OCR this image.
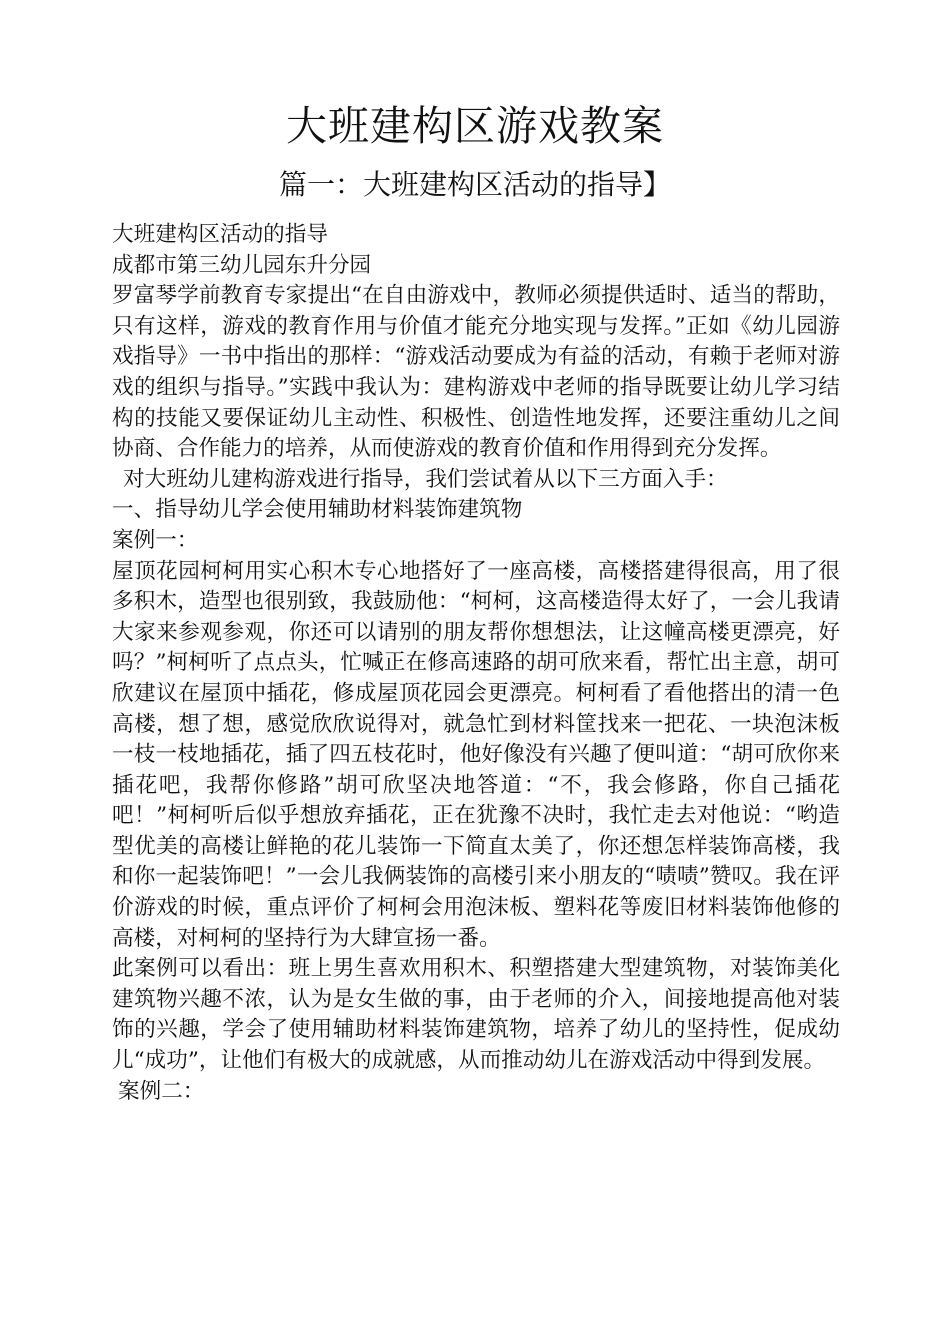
大班建构区游戏教案
篇一：大班建构区活动的指导】

大班建构区活动的指导

成都市第三幼儿园东升分园

罗富琴学前教育专家提出“在自由游戏中，教师必须提供适时、适当的帮助，只有这样，游戏的教育作用与价值才能充分地实现与发挥。”正如《幼儿园游戏指导》一书中指出的那样：“游戏活动要成为有益的活动，有赖于老师对游戏的组织与指导。”实践中我认为：建构游戏中老师的指导既要让幼儿学习结构的技能又要保证幼儿主动性、积极性、创造性地发挥，还要注重幼儿之间协商、合作能力的培养，从而使游戏的教育价值和作用得到充分发挥。

对大班幼儿建构游戏进行指导，我们尝试着从以下三方面入手：

一、指导幼儿学会使用辅助材料装饰建筑物

案例一：

屋顶花园柯柯用实心积木专心地搭好了一座高楼，高楼搭建得很高，用了很多积木，造型也很别致，我鼓励他：“柯柯，这高楼造得太好了，一会儿我请大家来参观参观，你还可以请别的朋友帮你想想法，让这幢高楼更漂亮，好吗？”柯柯听了点点头，忙喊正在修高速路的胡可欣来看，帮忙出主意，胡可欣建议在屋顶中插花，修成屋顶花园会更漂亮。柯柯看了看他搭出的清一色高楼，想了想，感觉欣欣说得对，就急忙到材料筐找来一把花、一块泡沫板一枝一枝地插花，插了四五枝花时，他好像没有兴趣了便叫道：“胡可欣你来插花吧，我帮你修路”胡可欣坚决地答道：“不，我会修路，你自己插花吧！”柯柯听后似乎想放弃插花，正在犹豫不决时，我忙走去对他说：“哟造型优美的高楼让鲜艳的花儿装饰一下简直太美了，你还想怎样装饰高楼，我和你一起装饰吧！”一会儿我俩装饰的高楼引来小朋友的“啧啧”赞叹。我在评价游戏的时候，重点评价了柯柯会用泡沫板、塑料花等废旧材料装饰他修的高楼，对柯柯的坚持行为大肆宣扬一番。

此案例可以看出：班上男生喜欢用积木、积塑搭建大型建筑物，对装饰美化建筑物兴趣不浓，认为是女生做的事，由于老师的介入，间接地提高他对装饰的兴趣，学会了使用辅助材料装饰建筑物，培养了幼儿的坚持性，促成幼儿“成功”，让他们有极大的成就感，从而推动幼儿在游戏活动中得到发展。

案例二：
